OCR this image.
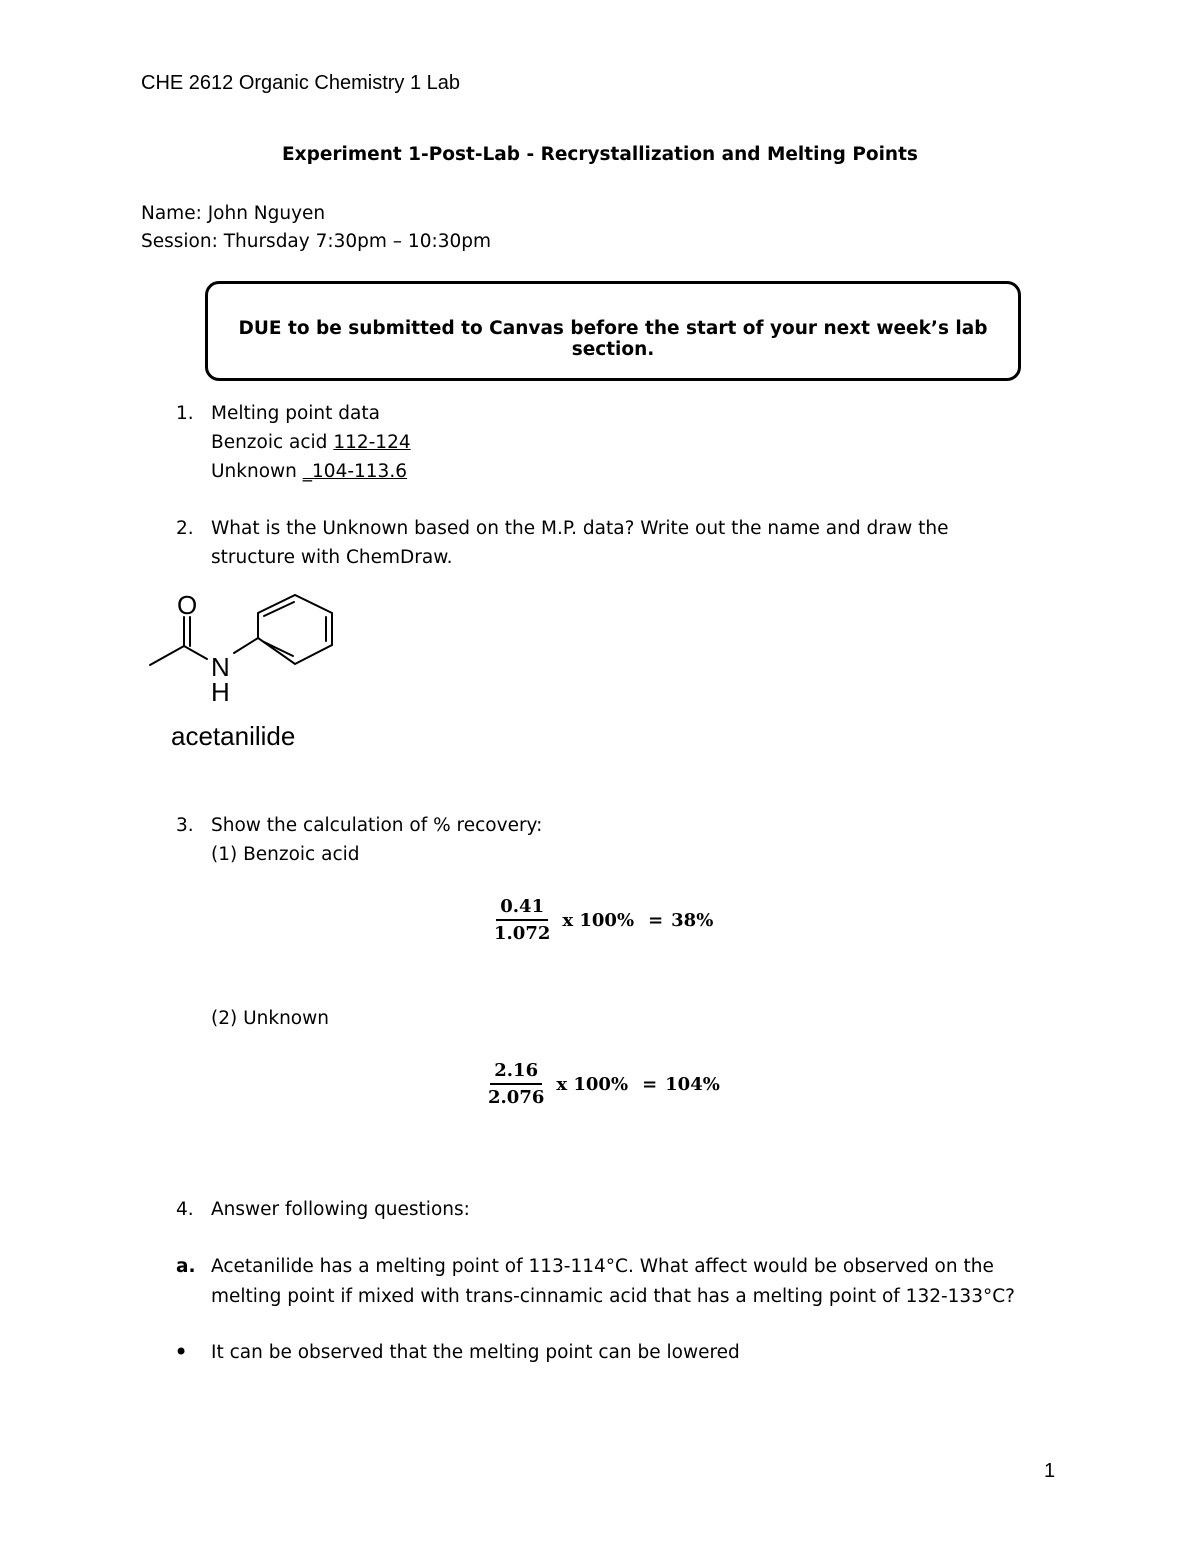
CHE 2612 Organic Chemistry 1 Lab
Experiment 1-Post-Lab - Recrystallization and Melting Points
Name: John Nguyen
Session: Thursday 7:30pm – 10:30pm
DUE to be submitted to Canvas before the start of your next week’s lab section.
1. Melting point data
Benzoic acid 112-124
Unknown _104-113.6
2. What is the Unknown based on the M.P. data? Write out the name and draw the
structure with ChemDraw.
O
N
H
acetanilide
3. Show the calculation of % recovery:
(1) Benzoic acid
$\frac{0.41}{1.072}$ x 100% = 38%
(2) Unknown
$\frac{2.16}{2.076}$ x 100% = 104%
4. Answer following questions:
a. Acetanilide has a melting point of 113-114°C. What affect would be observed on the
melting point if mixed with trans-cinnamic acid that has a melting point of 132-133°C?
• It can be observed that the melting point can be lowered
1
